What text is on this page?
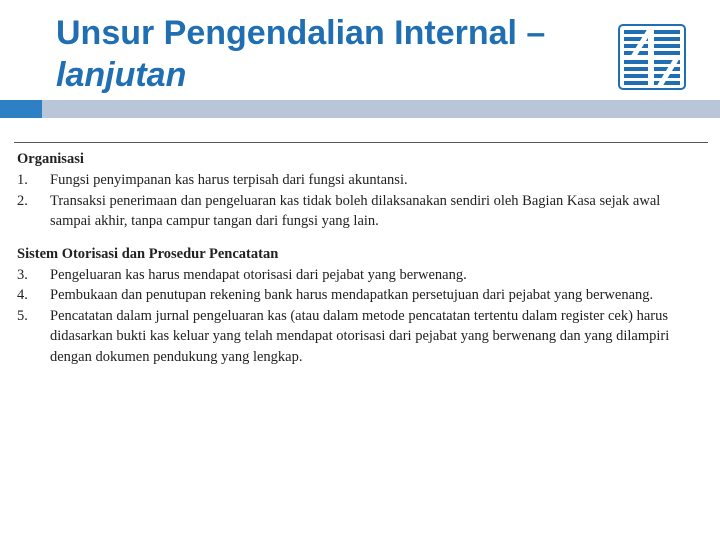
Unsur Pengendalian Internal –
lanjutan
Organisasi
1.	Fungsi penyimpanan kas harus terpisah dari fungsi akuntansi.
2.	Transaksi penerimaan dan pengeluaran kas tidak boleh dilaksanakan sendiri oleh Bagian Kasa sejak awal sampai akhir, tanpa campur tangan dari fungsi yang lain.
Sistem Otorisasi dan Prosedur Pencatatan
3.	Pengeluaran kas harus mendapat otorisasi dari pejabat yang berwenang.
4.	Pembukaan dan penutupan rekening bank harus mendapatkan persetujuan dari pejabat yang berwenang.
5.	Pencatatan dalam jurnal pengeluaran kas (atau dalam metode pencatatan tertentu dalam register cek) harus didasarkan bukti kas keluar yang telah mendapat otorisasi dari pejabat yang berwenang dan yang dilampiri dengan dokumen pendukung yang lengkap.
